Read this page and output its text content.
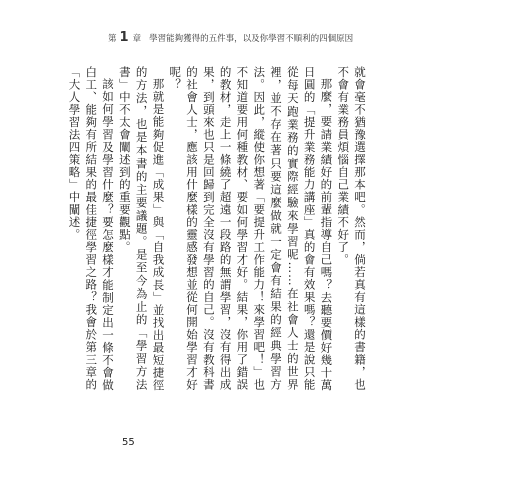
第 1 章 學習能夠獲得的五件事，以及你學習不順利的四個原因

就會毫不猶豫選擇那本吧。然而，倘若真有這樣的書籍，也不會有業務員煩惱自己業績不好了。

那麼，要請業績好的前輩指導自己嗎？去聽要價好幾十萬日圓的「提升業務能力講座」真的會有效果嗎？還是說只能從每天跑業務的實際經驗來學習呢……在社會人士的世界裡，並不存在著只要這麼做就一定會有結果的經典學習方法。因此，縱使你想著「要提升工作能力！來學習吧！」也不知道要用何種教材、要如何學習才好。結果，你用了錯誤的教材，走上一條繞了超遠一段路的無謂學習，沒有得出成果，到頭來也只是回歸到完全沒有學習的自己。沒有教科書的社會人士，應該用什麼樣的靈感發想並從何開始學習才好呢？

那就是能夠促進「成果」與「自我成長」並找出最短捷徑的方法，也是本書的主要議題。是至今為止的「學習方法書」中不太會闡述到的重要觀點。

該如何學習及學習什麼？要怎麼樣才能制定出一條不會做白工、能夠有所結果的最佳捷徑學習之路？我會於第三章的「大人學習法四策略」中闡述。

55
